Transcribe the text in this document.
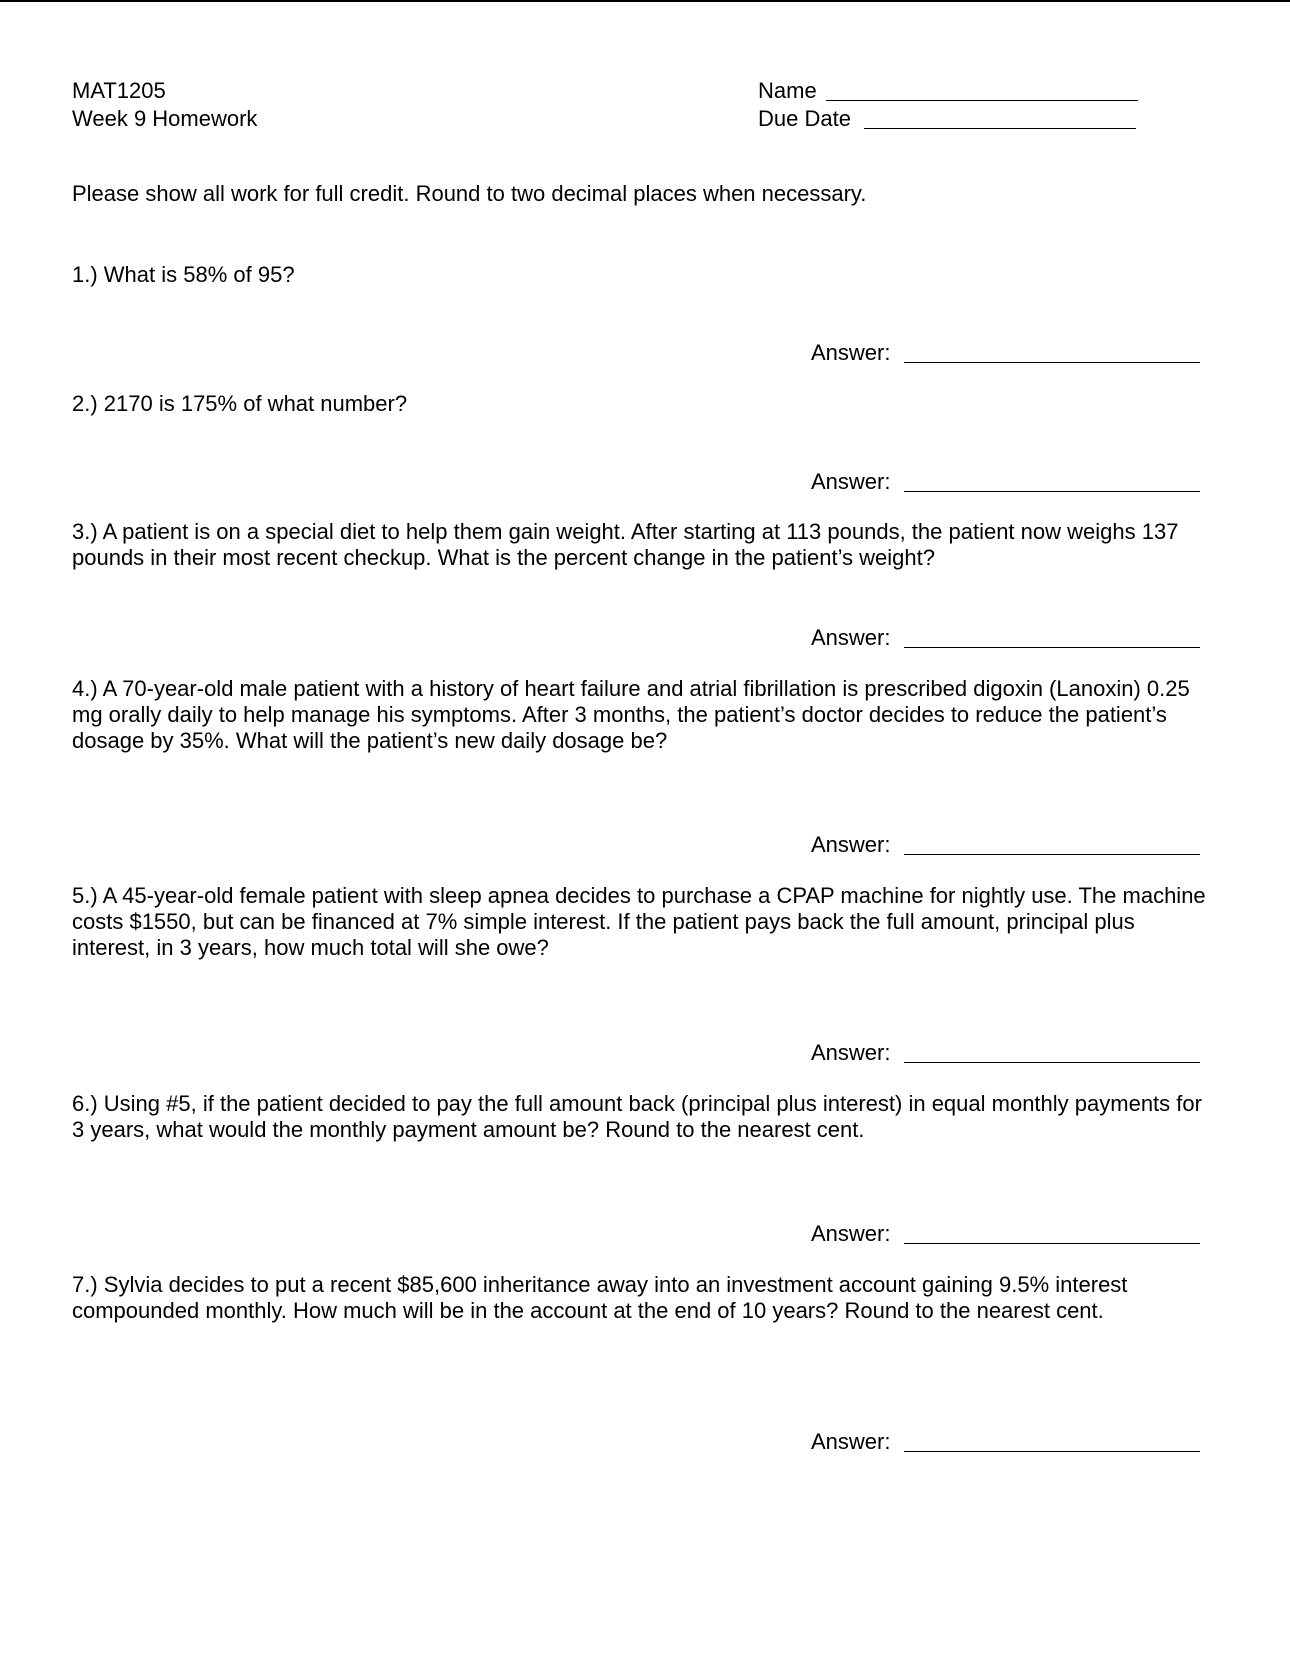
MAT1205
Week 9 Homework
Name
Due Date
Please show all work for full credit. Round to two decimal places when necessary.
1.) What is 58% of 95?
Answer:
2.) 2170 is 175% of what number?
Answer:
3.) A patient is on a special diet to help them gain weight. After starting at 113 pounds, the patient now weighs 137 pounds in their most recent checkup. What is the percent change in the patient’s weight?
Answer:
4.) A 70-year-old male patient with a history of heart failure and atrial fibrillation is prescribed digoxin (Lanoxin) 0.25 mg orally daily to help manage his symptoms. After 3 months, the patient’s doctor decides to reduce the patient’s dosage by 35%. What will the patient’s new daily dosage be?
Answer:
5.) A 45-year-old female patient with sleep apnea decides to purchase a CPAP machine for nightly use. The machine costs $1550, but can be financed at 7% simple interest. If the patient pays back the full amount, principal plus interest, in 3 years, how much total will she owe?
Answer:
6.) Using #5, if the patient decided to pay the full amount back (principal plus interest) in equal monthly payments for 3 years, what would the monthly payment amount be? Round to the nearest cent.
Answer:
7.) Sylvia decides to put a recent $85,600 inheritance away into an investment account gaining 9.5% interest compounded monthly. How much will be in the account at the end of 10 years? Round to the nearest cent.
Answer:
